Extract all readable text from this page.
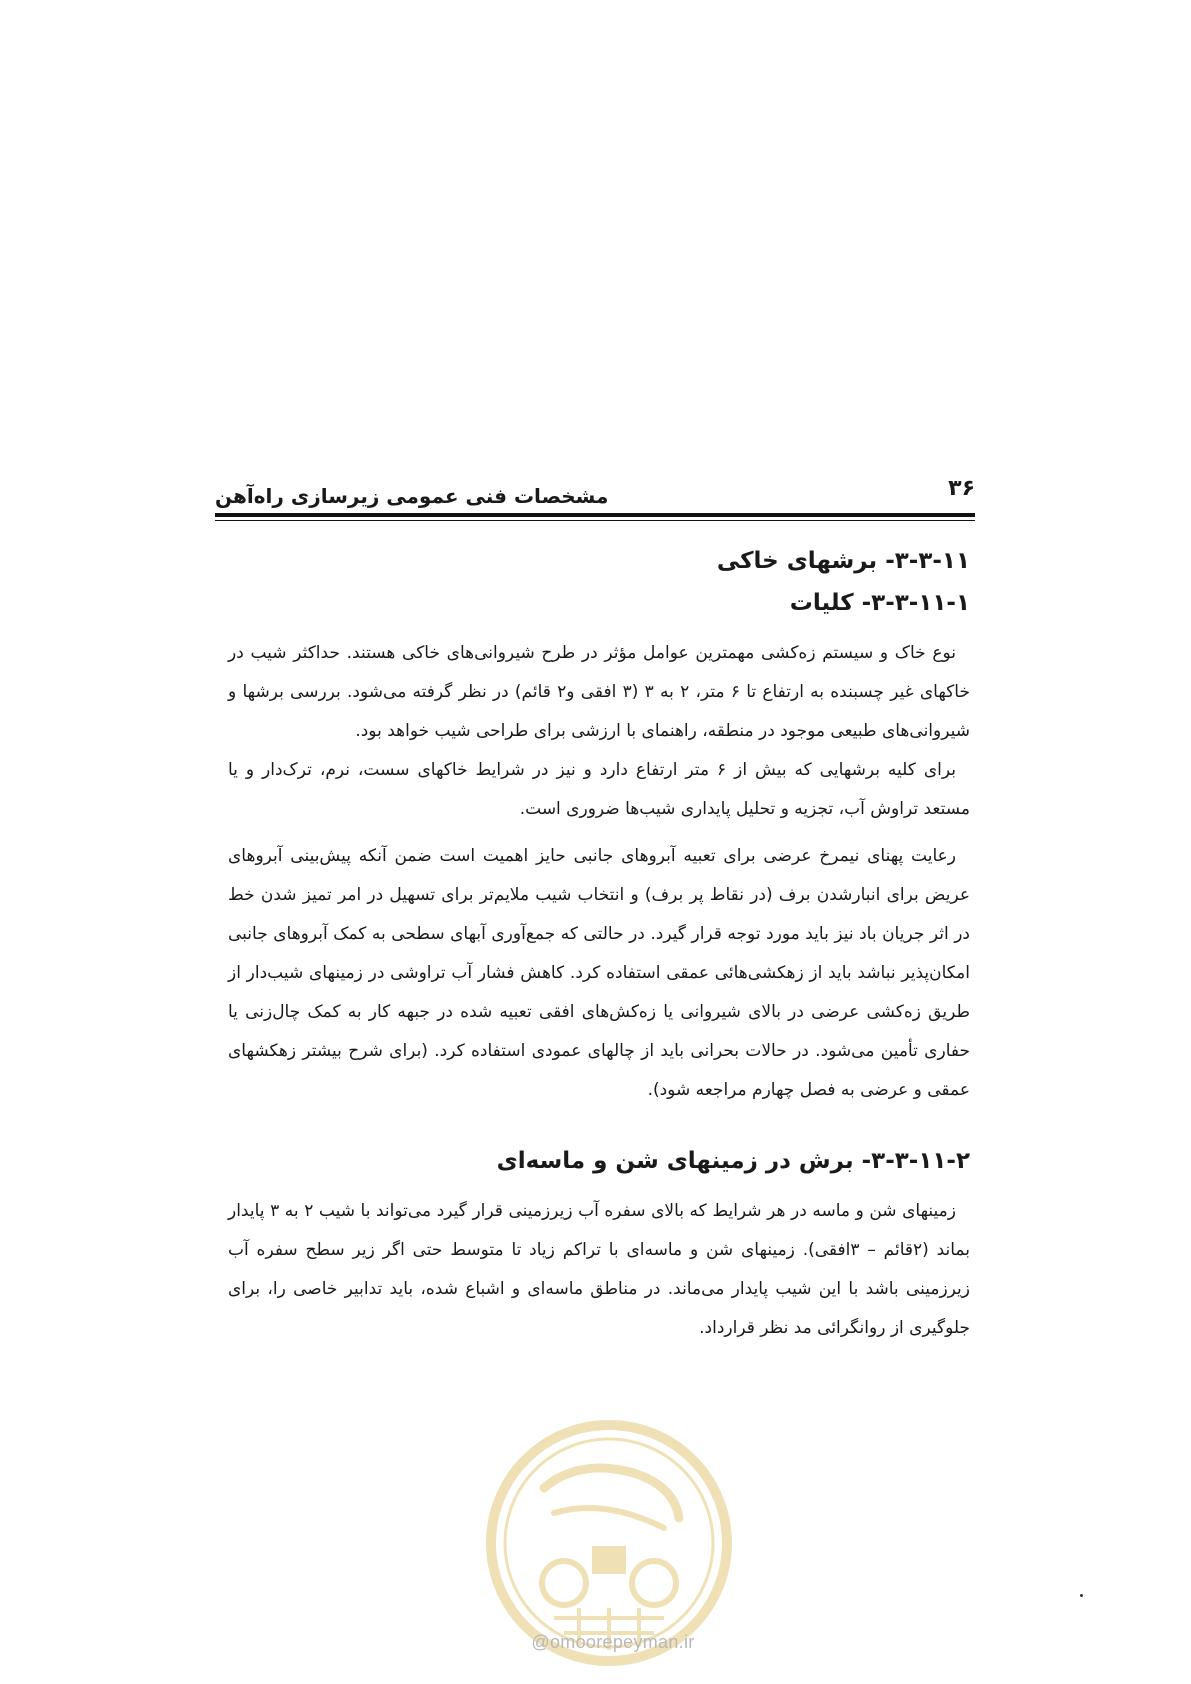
۳۶
مشخصات فنی عمومی زیرسازی راه‌آهن
۳-۳-۱۱- برشهای خاکی
۳-۳-۱۱-۱- کلیات

نوع خاک و سیستم زه‌کشی مهمترین عوامل مؤثر در طرح شیروانی‌های خاکی هستند. حداکثر شیب در خاکهای غیر چسبنده به ارتفاع تا ۶ متر، ۲ به ۳ (۳ افقی و۲ قائم) در نظر گرفته می‌شود. بررسی برشها و شیروانی‌های طبیعی موجود در منطقه، راهنمای با ارزشی برای طراحی شیب خواهد بود.

برای کلیه برشهایی که بیش از ۶ متر ارتفاع دارد و نیز در شرایط خاکهای سست، نرم، ترک‌دار و یا مستعد تراوش آب، تجزیه و تحلیل پایداری شیب‌ها ضروری است.

رعایت پهنای نیمرخ عرضی برای تعبیه آبروهای جانبی حایز اهمیت است ضمن آنکه پیش‌بینی آبروهای عریض برای انبارشدن برف (در نقاط پر برف) و انتخاب شیب ملایم‌تر برای تسهیل در امر تمیز شدن خط در اثر جریان باد نیز باید مورد توجه قرار گیرد. در حالتی که جمع‌آوری آبهای سطحی به کمک آبروهای جانبی امکان‌پذیر نباشد باید از زهکشی‌هائی عمقی استفاده کرد. کاهش فشار آب تراوشی در زمینهای شیب‌دار از طریق زه‌کشی عرضی در بالای شیروانی یا زه‌کش‌های افقی تعبیه شده در جبهه کار به کمک چال‌زنی یا حفاری تأمین می‌شود. در حالات بحرانی باید از چالهای عمودی استفاده کرد. (برای شرح بیشتر زهکشهای عمقی و عرضی به فصل چهارم مراجعه شود).

۳-۳-۱۱-۲- برش در زمینهای شن و ماسه‌ای

زمینهای شن و ماسه در هر شرایط که بالای سفره آب زیرزمینی قرار گیرد می‌تواند با شیب ۲ به ۳ پایدار بماند (۲قائم – ۳افقی). زمینهای شن و ماسه‌ای با تراکم زیاد تا متوسط حتی اگر زیر سطح سفره آب زیرزمینی باشد با این شیب پایدار می‌ماند. در مناطق ماسه‌ای و اشباع شده، باید تدابیر خاصی را، برای جلوگیری از روانگرائی مد نظر قرارداد.

@omoorepeyman.ir
